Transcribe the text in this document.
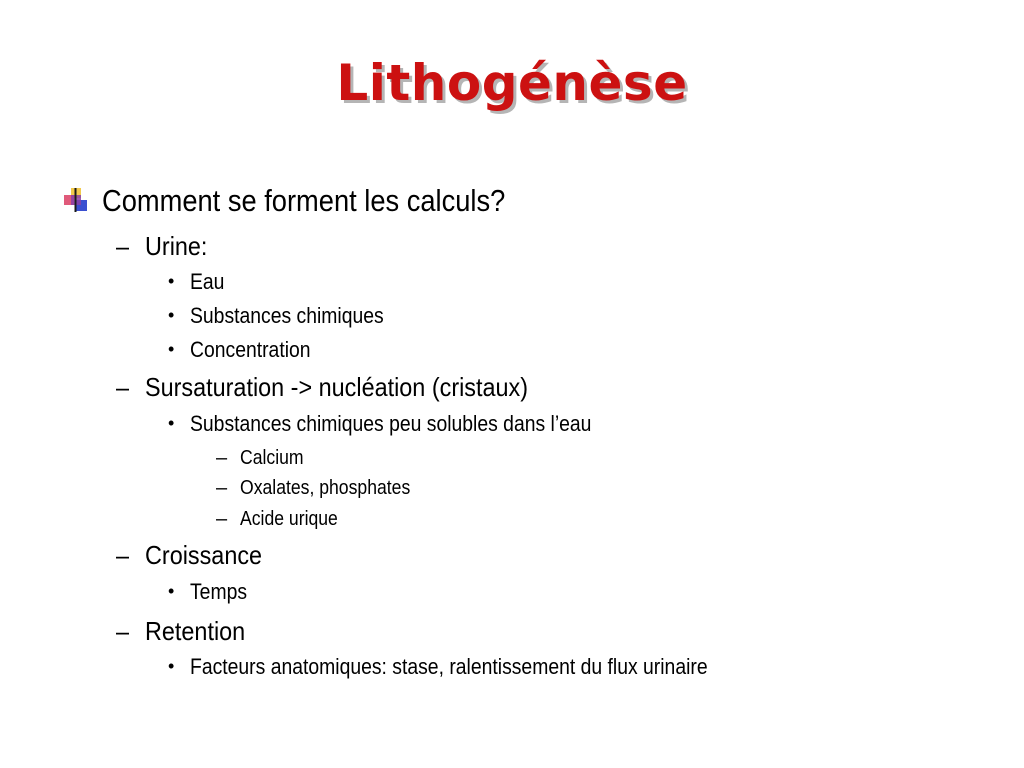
Lithogénèse
Comment se forment les calculs?
– Urine:
• Eau
• Substances chimiques
• Concentration
– Sursaturation -> nucléation (cristaux)
• Substances chimiques peu solubles dans l’eau
– Calcium
– Oxalates, phosphates
– Acide urique
– Croissance
• Temps
– Retention
• Facteurs anatomiques: stase, ralentissement du flux urinaire
